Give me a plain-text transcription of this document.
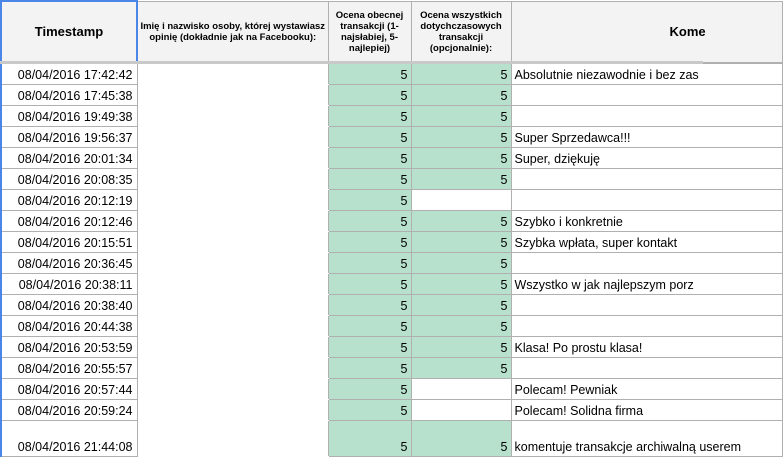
Timestamp	Imię i nazwisko osoby, której wystawiasz opinię (dokładnie jak na Facebooku):	Ocena obecnej transakcji (1-najsłabiej, 5-najlepiej)	Ocena wszystkich dotychczasowych transakcji (opcjonalnie):	Kome

08/04/2016 17:42:42		5	5	Absolutnie niezawodnie i bez zas
08/04/2016 17:45:38		5	5	
08/04/2016 19:49:38		5	5	
08/04/2016 19:56:37		5	5	Super Sprzedawca!!!
08/04/2016 20:01:34		5	5	Super, dziękuję
08/04/2016 20:08:35		5	5	
08/04/2016 20:12:19		5		
08/04/2016 20:12:46		5	5	Szybko i konkretnie
08/04/2016 20:15:51		5	5	Szybka wpłata, super kontakt
08/04/2016 20:36:45		5	5	
08/04/2016 20:38:11		5	5	Wszystko w jak najlepszym porz
08/04/2016 20:38:40		5	5	
08/04/2016 20:44:38		5	5	
08/04/2016 20:53:59		5	5	Klasa! Po prostu klasa!
08/04/2016 20:55:57		5	5	
08/04/2016 20:57:44		5		Polecam! Pewniak
08/04/2016 20:59:24		5		Polecam! Solidna firma
08/04/2016 21:44:08		5	5	komentuje transakcje archiwalną userem
